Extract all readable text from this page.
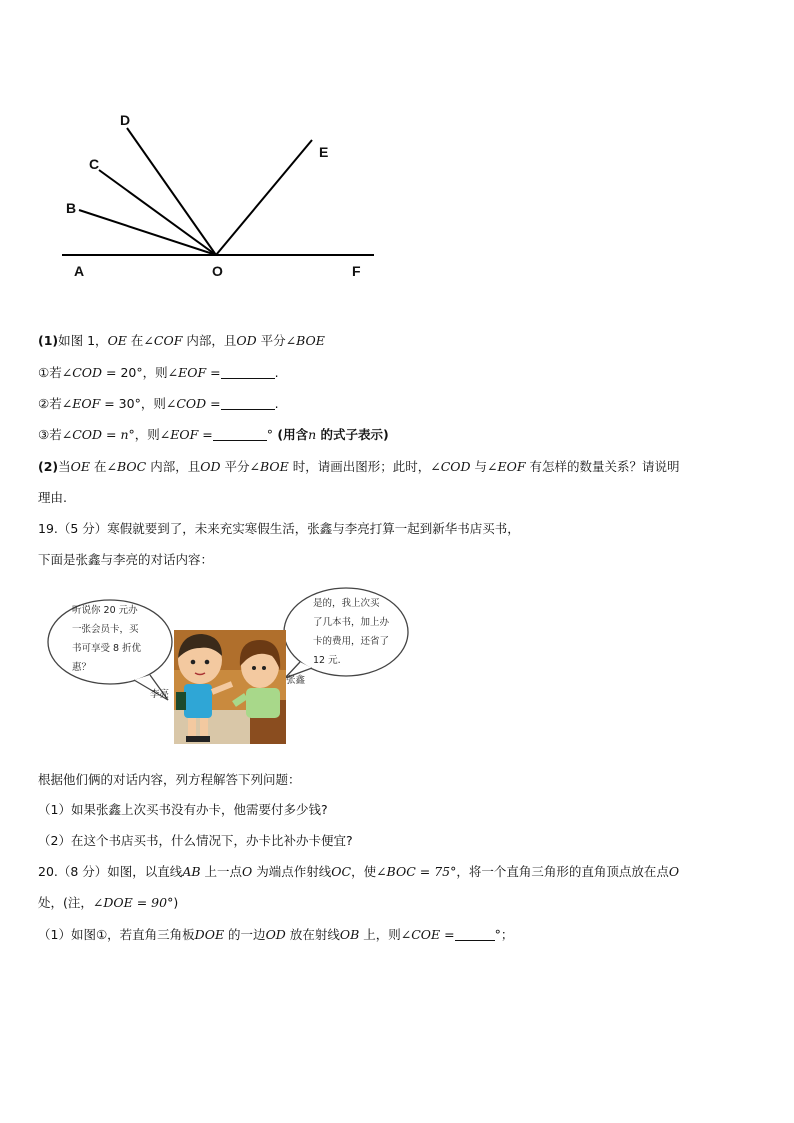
D
C
B
E
A	O	F
(1)如图 1，OE 在∠COF 内部，且OD 平分∠BOE
①若∠COD = 20°，则∠EOF =	.
②若∠EOF = 30°，则∠COD =	.
③若∠COD = n°，则∠EOF =	° (用含n 的式子表示)
(2)当OE 在∠BOC 内部，且OD 平分∠BOE 时，请画出图形；此时，∠COD 与∠EOF 有怎样的数量关系？请说明
理由.
19.（5 分）寒假就要到了，未来充实寒假生活，张鑫与李亮打算一起到新华书店买书，
下面是张鑫与李亮的对话内容：
听说你 20 元办
一张会员卡，买
书可享受 8 折优
惠？
是的，我上次买
了几本书，加上办
卡的费用，还省了
12 元.
李亮
张鑫
根据他们俩的对话内容，列方程解答下列问题：
（1）如果张鑫上次买书没有办卡，他需要付多少钱?
（2）在这个书店买书，什么情况下，办卡比补办卡便宜?
20.（8 分）如图，以直线AB 上一点O 为端点作射线OC，使∠BOC = 75°，将一个直角三角形的直角顶点放在点O
处，(注，∠DOE = 90°)
（1）如图①，若直角三角板DOE 的一边OD 放在射线OB 上，则∠COE =	°；
